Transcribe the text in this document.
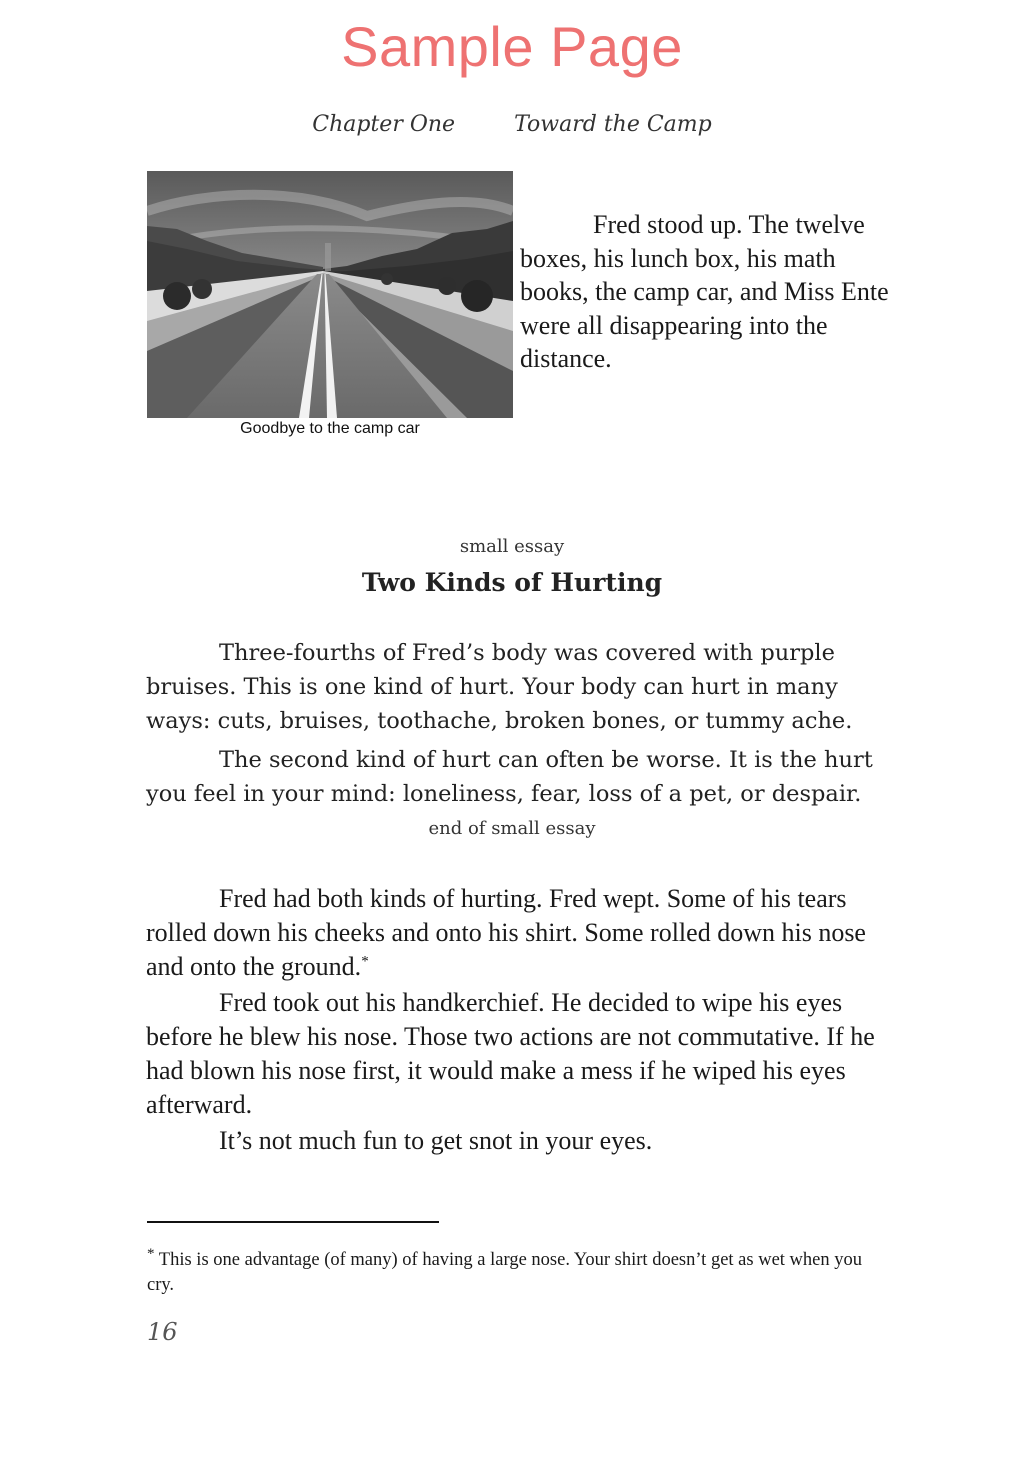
Sample Page
Chapter One	Toward the Camp
Goodbye to the camp car

Fred stood up. The twelve boxes, his lunch box, his math books, the camp car, and Miss Ente were all disappearing into the distance.

small essay
Two Kinds of Hurting

Three-fourths of Fred’s body was covered with purple bruises. This is one kind of hurt. Your body can hurt in many ways: cuts, bruises, toothache, broken bones, or tummy ache.

The second kind of hurt can often be worse. It is the hurt you feel in your mind: loneliness, fear, loss of a pet, or despair.

end of small essay

Fred had both kinds of hurting. Fred wept. Some of his tears rolled down his cheeks and onto his shirt. Some rolled down his nose and onto the ground.*

Fred took out his handkerchief. He decided to wipe his eyes before he blew his nose. Those two actions are not commutative. If he had blown his nose first, it would make a mess if he wiped his eyes afterward.

It’s not much fun to get snot in your eyes.

* This is one advantage (of many) of having a large nose. Your shirt doesn’t get as wet when you cry.
16
